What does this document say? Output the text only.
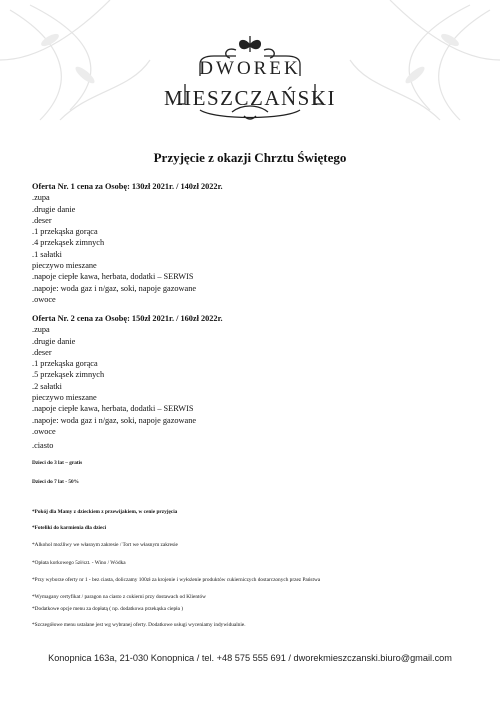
DWOREK
MIESZCZAŃSKI
Przyjęcie z okazji Chrztu Świętego
Oferta Nr. 1 cena za Osobę: 130zł 2021r. / 140zł 2022r.
.zupa
.drugie danie
.deser
.1 przekąska gorąca
.4 przekąsek zimnych
.1 sałatki
pieczywo mieszane
.napoje ciepłe kawa, herbata, dodatki – SERWIS
.napoje: woda gaz i n/gaz, soki, napoje gazowane
.owoce
Oferta Nr. 2 cena za Osobę: 150zł 2021r. / 160zł 2022r.
.zupa
.drugie danie
.deser
.1 przekąska gorąca
.5 przekąsek zimnych
.2 sałatki
pieczywo mieszane
.napoje ciepłe kawa, herbata, dodatki – SERWIS
.napoje: woda gaz i n/gaz, soki, napoje gazowane
.owoce
.ciasto
Dzieci do 3 lat – gratis
Dzieci do 7 lat - 50%
*Pokój dla Mamy z dzieckiem z przewijakiem, w cenie przyjęcia
*Foteliki do karmienia dla dzieci
*Alkohol możliwy we własnym zakresie / Tort we własnym zakresie
*Opłata korkowego 5zł/szt. - Wino / Wódka
*Przy wyborze oferty nr 1 - bez ciasta, doliczamy 100zł za krojenie i wyłożenie produktów cukierniczych dostarczonych przez Państwa
*Wymagany certyfikat / paragon na ciasto z cukierni przy dostawach od Klientów
*Dodatkowe opcje menu za dopłatą ( np. dodatkowa przekąska ciepła )
*Szczegółowe menu ustalane jest wg wybranej oferty. Dodatkowe usługi wyceniamy indywidualnie.
Konopnica 163a, 21-030 Konopnica / tel. +48 575 555 691 / dworekmieszczanski.biuro@gmail.com
